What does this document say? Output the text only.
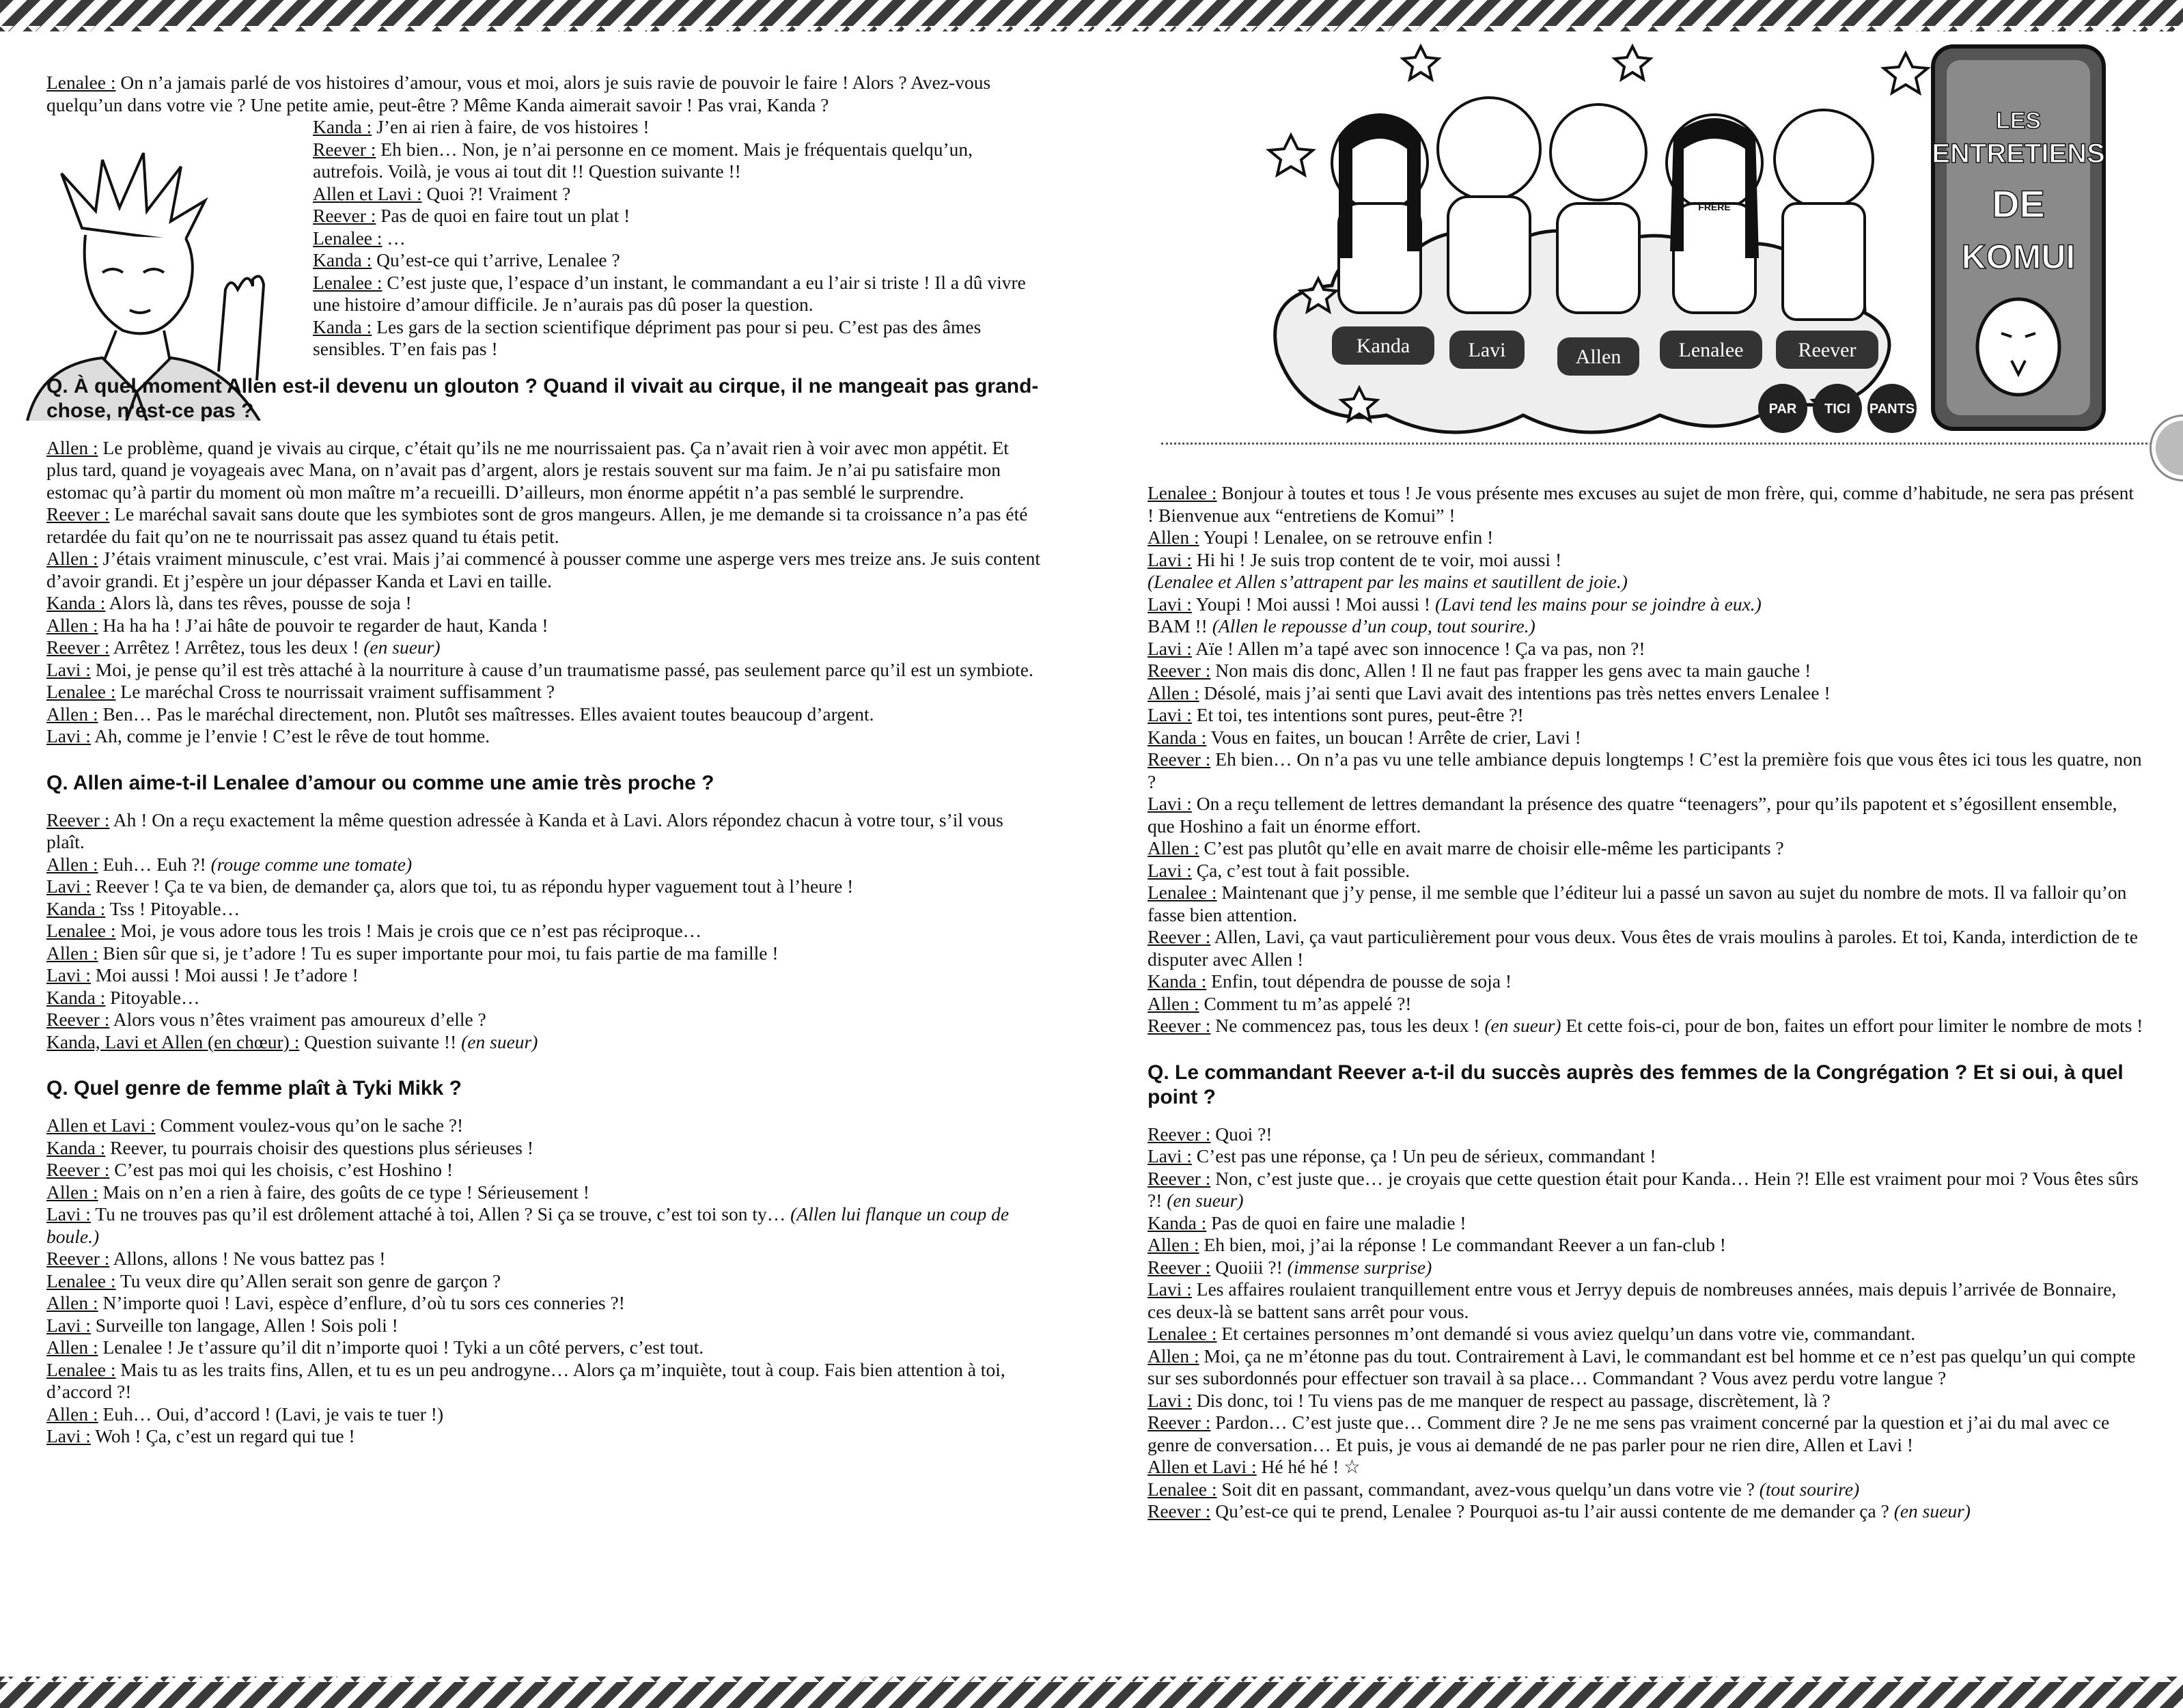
Kanda	Lavi	Allen	Lenalee	Reever
PAR TICI PANTS
FRÈRE
LES
ENTRETIENS
DE
KOMUI

Lenalee : On n’a jamais parlé de vos histoires d’amour, vous et moi, alors je suis ravie de pouvoir le faire ! Alors ? Avez-vous quelqu’un dans votre vie ? Une petite amie, peut-être ? Même Kanda aimerait savoir ! Pas vrai, Kanda ?

Kanda : J’en ai rien à faire, de vos histoires !

Reever : Eh bien… Non, je n’ai personne en ce moment. Mais je fréquentais quelqu’un, autrefois. Voilà, je vous ai tout dit !! Question suivante !!

Allen et Lavi : Quoi ?! Vraiment ?

Reever : Pas de quoi en faire tout un plat !

Lenalee : …

Kanda : Qu’est-ce qui t’arrive, Lenalee ?

Lenalee : C’est juste que, l’espace d’un instant, le commandant a eu l’air si triste ! Il a dû vivre une histoire d’amour difficile. Je n’aurais pas dû poser la question.

Kanda : Les gars de la section scientifique dépriment pas pour si peu. C’est pas des âmes sensibles. T’en fais pas !

Q. À quel moment Allen est-il devenu un glouton ? Quand il vivait au cirque, il ne mangeait pas grand-chose, n’est-ce pas ?

Allen : Le problème, quand je vivais au cirque, c’était qu’ils ne me nourrissaient pas. Ça n’avait rien à voir avec mon appétit. Et plus tard, quand je voyageais avec Mana, on n’avait pas d’argent, alors je restais souvent sur ma faim. Je n’ai pu satisfaire mon estomac qu’à partir du moment où mon maître m’a recueilli. D’ailleurs, mon énorme appétit n’a pas semblé le surprendre.

Reever : Le maréchal savait sans doute que les symbiotes sont de gros mangeurs. Allen, je me demande si ta croissance n’a pas été retardée du fait qu’on ne te nourrissait pas assez quand tu étais petit.

Allen : J’étais vraiment minuscule, c’est vrai. Mais j’ai commencé à pousser comme une asperge vers mes treize ans. Je suis content d’avoir grandi. Et j’espère un jour dépasser Kanda et Lavi en taille.

Kanda : Alors là, dans tes rêves, pousse de soja !

Allen : Ha ha ha ! J’ai hâte de pouvoir te regarder de haut, Kanda !

Reever : Arrêtez ! Arrêtez, tous les deux ! (en sueur)

Lavi : Moi, je pense qu’il est très attaché à la nourriture à cause d’un traumatisme passé, pas seulement parce qu’il est un symbiote.

Lenalee : Le maréchal Cross te nourrissait vraiment suffisamment ?

Allen : Ben… Pas le maréchal directement, non. Plutôt ses maîtresses. Elles avaient toutes beaucoup d’argent.

Lavi : Ah, comme je l’envie ! C’est le rêve de tout homme.

Q. Allen aime-t-il Lenalee d’amour ou comme une amie très proche ?

Reever : Ah ! On a reçu exactement la même question adressée à Kanda et à Lavi. Alors répondez chacun à votre tour, s’il vous plaît.

Allen : Euh… Euh ?! (rouge comme une tomate)

Lavi : Reever ! Ça te va bien, de demander ça, alors que toi, tu as répondu hyper vaguement tout à l’heure !

Kanda : Tss ! Pitoyable…

Lenalee : Moi, je vous adore tous les trois ! Mais je crois que ce n’est pas réciproque…

Allen : Bien sûr que si, je t’adore ! Tu es super importante pour moi, tu fais partie de ma famille !

Lavi : Moi aussi ! Moi aussi ! Je t’adore !

Kanda : Pitoyable…

Reever : Alors vous n’êtes vraiment pas amoureux d’elle ?

Kanda, Lavi et Allen (en chœur) : Question suivante !! (en sueur)

Q. Quel genre de femme plaît à Tyki Mikk ?

Allen et Lavi : Comment voulez-vous qu’on le sache ?!

Kanda : Reever, tu pourrais choisir des questions plus sérieuses !

Reever : C’est pas moi qui les choisis, c’est Hoshino !

Allen : Mais on n’en a rien à faire, des goûts de ce type ! Sérieusement !

Lavi : Tu ne trouves pas qu’il est drôlement attaché à toi, Allen ? Si ça se trouve, c’est toi son ty… (Allen lui flanque un coup de boule.)

Reever : Allons, allons ! Ne vous battez pas !

Lenalee : Tu veux dire qu’Allen serait son genre de garçon ?

Allen : N’importe quoi ! Lavi, espèce d’enflure, d’où tu sors ces conneries ?!

Lavi : Surveille ton langage, Allen ! Sois poli !

Allen : Lenalee ! Je t’assure qu’il dit n’importe quoi ! Tyki a un côté pervers, c’est tout.

Lenalee : Mais tu as les traits fins, Allen, et tu es un peu androgyne… Alors ça m’inquiète, tout à coup. Fais bien attention à toi, d’accord ?!

Allen : Euh… Oui, d’accord ! (Lavi, je vais te tuer !)

Lavi : Woh ! Ça, c’est un regard qui tue !

Lenalee : Bonjour à toutes et tous ! Je vous présente mes excuses au sujet de mon frère, qui, comme d’habitude, ne sera pas présent ! Bienvenue aux “entretiens de Komui” !

Allen : Youpi ! Lenalee, on se retrouve enfin !

Lavi : Hi hi ! Je suis trop content de te voir, moi aussi !

(Lenalee et Allen s’attrapent par les mains et sautillent de joie.)

Lavi : Youpi ! Moi aussi ! Moi aussi ! (Lavi tend les mains pour se joindre à eux.)

BAM !! (Allen le repousse d’un coup, tout sourire.)

Lavi : Aïe ! Allen m’a tapé avec son innocence ! Ça va pas, non ?!

Reever : Non mais dis donc, Allen ! Il ne faut pas frapper les gens avec ta main gauche !

Allen : Désolé, mais j’ai senti que Lavi avait des intentions pas très nettes envers Lenalee !

Lavi : Et toi, tes intentions sont pures, peut-être ?!

Kanda : Vous en faites, un boucan ! Arrête de crier, Lavi !

Reever : Eh bien… On n’a pas vu une telle ambiance depuis longtemps ! C’est la première fois que vous êtes ici tous les quatre, non ?

Lavi : On a reçu tellement de lettres demandant la présence des quatre “teenagers”, pour qu’ils papotent et s’égosillent ensemble, que Hoshino a fait un énorme effort.

Allen : C’est pas plutôt qu’elle en avait marre de choisir elle-même les participants ?

Lavi : Ça, c’est tout à fait possible.

Lenalee : Maintenant que j’y pense, il me semble que l’éditeur lui a passé un savon au sujet du nombre de mots. Il va falloir qu’on fasse bien attention.

Reever : Allen, Lavi, ça vaut particulièrement pour vous deux. Vous êtes de vrais moulins à paroles. Et toi, Kanda, interdiction de te disputer avec Allen !

Kanda : Enfin, tout dépendra de pousse de soja !

Allen : Comment tu m’as appelé ?!

Reever : Ne commencez pas, tous les deux ! (en sueur) Et cette fois-ci, pour de bon, faites un effort pour limiter le nombre de mots !

Q. Le commandant Reever a-t-il du succès auprès des femmes de la Congrégation ? Et si oui, à quel point ?

Reever : Quoi ?!

Lavi : C’est pas une réponse, ça ! Un peu de sérieux, commandant !

Reever : Non, c’est juste que… je croyais que cette question était pour Kanda… Hein ?! Elle est vraiment pour moi ? Vous êtes sûrs ?! (en sueur)

Kanda : Pas de quoi en faire une maladie !

Allen : Eh bien, moi, j’ai la réponse ! Le commandant Reever a un fan-club !

Reever : Quoiii ?! (immense surprise)

Lavi : Les affaires roulaient tranquillement entre vous et Jerryy depuis de nombreuses années, mais depuis l’arrivée de Bonnaire, ces deux-là se battent sans arrêt pour vous.

Lenalee : Et certaines personnes m’ont demandé si vous aviez quelqu’un dans votre vie, commandant.

Allen : Moi, ça ne m’étonne pas du tout. Contrairement à Lavi, le commandant est bel homme et ce n’est pas quelqu’un qui compte sur ses subordonnés pour effectuer son travail à sa place… Commandant ? Vous avez perdu votre langue ?

Lavi : Dis donc, toi ! Tu viens pas de me manquer de respect au passage, discrètement, là ?

Reever : Pardon… C’est juste que… Comment dire ? Je ne me sens pas vraiment concerné par la question et j’ai du mal avec ce genre de conversation… Et puis, je vous ai demandé de ne pas parler pour ne rien dire, Allen et Lavi !

Allen et Lavi : Hé hé hé ! ☆

Lenalee : Soit dit en passant, commandant, avez-vous quelqu’un dans votre vie ? (tout sourire)

Reever : Qu’est-ce qui te prend, Lenalee ? Pourquoi as-tu l’air aussi contente de me demander ça ? (en sueur)
